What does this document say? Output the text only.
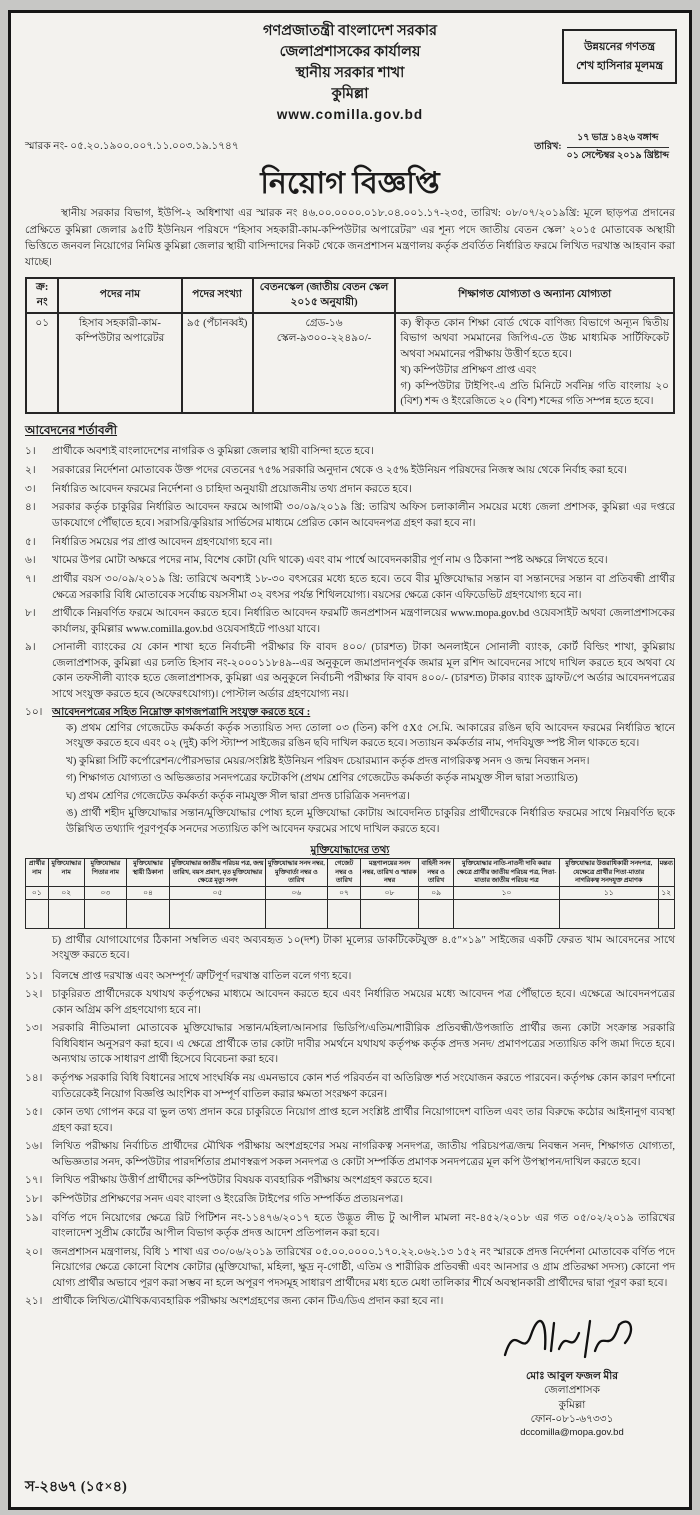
গণপ্রজাতন্ত্রী বাংলাদেশ সরকার
জেলাপ্রশাসকের কার্যালয়
স্থানীয় সরকার শাখা
কুমিল্লা
www.comilla.gov.bd
উন্নয়নের গণতন্ত্র
শেখ হাসিনার মূলমন্ত্র
স্মারক নং- ০৫.২০.১৯০০.০০৭.১১.০০৩.১৯.১৭৪৭	তারিখ: $\frac{\text{১৭ ভাদ্র ১৪২৬ বঙ্গাব্দ}}{\text{০১ সেপ্টেম্বর ২০১৯ খ্রিষ্টাব্দ}}$
নিয়োগ বিজ্ঞপ্তি

স্থানীয় সরকার বিভাগ, ইউপি-২ অধিশাখা এর স্মারক নং ৪৬.০০.০০০০.০১৮.০৪.০০১.১৭-২৩৫, তারিখ: ০৮/০৭/২০১৯খ্রি: মূলে ছাড়পত্র প্রদানের প্রেক্ষিতে কুমিল্লা জেলার ৯৫টি ইউনিয়ন পরিষদে “হিসাব সহকারী-কাম-কম্পিউটার অপারেটর” এর শূন্য পদে জাতীয় বেতন স্কেল’ ২০১৫ মোতাবেক অস্থায়ী ভিত্তিতে জনবল নিয়োগের নিমিত্ত কুমিল্লা জেলার স্থায়ী বাসিন্দাদের নিকট থেকে জনপ্রশাসন মন্ত্রণালয় কর্তৃক প্রবর্তিত নির্ধারিত ফরমে লিখিত দরখাস্ত আহবান করা যাচ্ছে।

ক্র: নং	পদের নাম	পদের সংখ্যা	বেতনস্কেল (জাতীয় বেতন স্কেল ২০১৫ অনুযায়ী)	শিক্ষাগত যোগ্যতা ও অন্যান্য যোগ্যতা
০১	হিসাব সহকারী-কাম-কম্পিউটার অপারেটর	৯৫ (পঁচানব্বই)	গ্রেড-১৬
স্কেল-৯৩০০-২২৪৯০/-

ক) স্বীকৃত কোন শিক্ষা বোর্ড থেকে বাণিজ্য বিভাগে অন্যূন দ্বিতীয় বিভাগ অথবা সমমানের জিপিএ-তে উচ্চ মাধ্যমিক সার্টিফিকেট অথবা সমমানের পরীক্ষায় উত্তীর্ণ হতে হবে।
খ) কম্পিউটার প্রশিক্ষণ প্রাপ্ত এবং
গ) কম্পিউটার টাইপিং-এ প্রতি মিনিটে সর্বনিম্ন গতি বাংলায় ২০ (বিশ) শব্দ ও ইংরেজিতে ২০ (বিশ) শব্দের গতি সম্পন্ন হতে হবে।
আবেদনের শর্তাবলী
১।	প্রার্থীকে অবশ্যই বাংলাদেশের নাগরিক ও কুমিল্লা জেলার স্থায়ী বাসিন্দা হতে হবে।
২।	সরকারের নির্দেশনা মোতাবেক উক্ত পদের বেতনের ৭৫% সরকারি অনুদান থেকে ও ২৫% ইউনিয়ন পরিষদের নিজস্ব আয় থেকে নির্বাহ করা হবে।
৩।	নির্ধারিত আবেদন ফরমের নির্দেশনা ও চাহিদা অনুযায়ী প্রয়োজনীয় তথ্য প্রদান করতে হবে।
৪।	সরকার কর্তৃক চাকুরির নির্ধারিত আবেদন ফরমে আগামী ৩০/০৯/২০১৯ খ্রি: তারিখ অফিস চলাকালীন সময়ের মধ্যে জেলা প্রশাসক, কুমিল্লা এর দপ্তরে ডাকযোগে পৌঁছাতে হবে। সরাসরি/কুরিয়ার সার্ভিসের মাধ্যমে প্রেরিত কোন আবেদনপত্র গ্রহণ করা হবে না।
৫।	নির্ধারিত সময়ের পর প্রাপ্ত আবেদন গ্রহণযোগ্য হবে না।
৬।	খামের উপর মোটা অক্ষরে পদের নাম, বিশেষ কোটা (যদি থাকে) এবং বাম পার্শ্বে আবেদনকারীর পূর্ণ নাম ও ঠিকানা স্পষ্ট অক্ষরে লিখতে হবে।
৭।	প্রার্থীর বয়স ৩০/০৯/২০১৯ খ্রি: তারিখে অবশ্যই ১৮-৩০ বৎসরের মধ্যে হতে হবে। তবে বীর মুক্তিযোদ্ধার সন্তান বা সন্তানদের সন্তান বা প্রতিবন্ধী প্রার্থীর ক্ষেত্রে সরকারি বিধি মোতাবেক সর্বোচ্চ বয়সসীমা ৩২ বৎসর পর্যন্ত শিথিলযোগ্য। বয়সের ক্ষেত্রে কোন এফিডেভিট গ্রহণযোগ্য হবে না।
৮।	প্রার্থীকে নিম্নবর্ণিত ফরমে আবেদন করতে হবে। নির্ধারিত আবেদন ফরমটি জনপ্রশাসন মন্ত্রণালয়ের www.mopa.gov.bd ওয়েবসাইট অথবা জেলাপ্রশাসকের কার্যালয়, কুমিল্লার www.comilla.gov.bd ওয়েবসাইটে পাওয়া যাবে।
৯।	সোনালী ব্যাংকের যে কোন শাখা হতে নির্বাচনী পরীক্ষার ফি বাবদ ৪০০/ (চারশত) টাকা অনলাইনে সোনালী ব্যাংক, কোর্ট বিল্ডিং শাখা, কুমিল্লায় জেলাপ্রশাসক, কুমিল্লা এর চলতি হিসাব নং-২০০০১১৮৪৯--এর অনুকূলে জমাপ্রদানপূর্বক জমার মূল রশিদ আবেদনের সাথে দাখিল করতে হবে অথবা যে কোন তফসীলী ব্যাংক হতে জেলাপ্রশাসক, কুমিল্লা এর অনুকূলে নির্বাচনী পরীক্ষার ফি বাবদ ৪০০/- (চারশত) টাকার ব্যাংক ড্রাফট/পে অর্ডার আবেদনপত্রের সাথে সংযুক্ত করতে হবে (অফেরৎযোগ্য)। পোস্টাল অর্ডার গ্রহণযোগ্য নয়।
১০। আবেদনপত্রের সহিত নিম্নোক্ত কাগজপত্রাদি সংযুক্ত করতে হবে :
ক) প্রথম শ্রেণির গেজেটেড কর্মকর্তা কর্তৃক সত্যায়িত সদ্য তোলা ০৩ (তিন) কপি ৫X৫ সে.মি. আকারের রঙিন ছবি আবেদন ফরমের নির্ধারিত স্থানে সংযুক্ত করতে হবে এবং ০২ (দুই) কপি স্ট্যাম্প সাইজের রঙিন ছবি দাখিল করতে হবে। সত্যায়ন কর্মকর্তার নাম, পদবিযুক্ত স্পষ্ট সীল থাকতে হবে।
খ) কুমিল্লা সিটি কর্পোরেশন/পৌরসভার মেয়র/সংশ্লিষ্ট ইউনিয়ন পরিষদ চেয়ারম্যান কর্তৃক প্রদত্ত নাগরিকত্ব সনদ ও জন্ম নিবন্ধন সনদ।
গ) শিক্ষাগত যোগ্যতা ও অভিজ্ঞতার সনদপত্রের ফটোকপি (প্রথম শ্রেণির গেজেটেড কর্মকর্তা কর্তৃক নামযুক্ত সীল দ্বারা সত্যায়িত)
ঘ) প্রথম শ্রেণির গেজেটেড কর্মকর্তা কর্তৃক নামযুক্ত সীল দ্বারা প্রদত্ত চারিত্রিক সনদপত্র।
ঙ) প্রার্থী শহীদ মুক্তিযোদ্ধার সন্তান/মুক্তিযোদ্ধার পোষ্য হলে মুক্তিযোদ্ধা কোটায় আবেদনিত চাকুরির প্রার্থীদেরকে নির্ধারিত ফরমের সাথে নিম্নবর্ণিত ছকে উল্লিখিত তথ্যাদি পূরণপূর্বক সনদের সত্যায়িত কপি আবেদন ফরমের সাথে দাখিল করতে হবে।
মুক্তিযোদ্ধাদের তথ্য
প্রার্থীর নাম	মুক্তিযোদ্ধার নাম	মুক্তিযোদ্ধার পিতার নাম	মুক্তিযোদ্ধার স্থায়ী ঠিকানা	মুক্তিযোদ্ধার জাতীয় পরিচয় পত্র, জন্ম তারিখ, বয়স প্রমাণ, মৃত মুক্তিযোদ্ধার ক্ষেত্রে মৃত্যু সনদ	মুক্তিযোদ্ধার সনদ নম্বর, মুক্তিবার্তা নম্বর ও তারিখ	গেজেট নম্বর ও তারিখ	মন্ত্রণালয়ের সনদ নম্বর, তারিখ ও স্মারক নম্বর	বাহিনী সনদ নম্বর ও তারিখ	মুক্তিযোদ্ধার নাতি-নাতনী দাবি করার ক্ষেত্রে প্রার্থীর জাতীয় পরিচয় পত্র, পিতা-মাতার জাতীয় পরিচয় পত্র	মুক্তিযোদ্ধার উত্তরাধিকারী সনদপত্র, যেক্ষেত্রে প্রার্থীর পিতা-মাতার নাগরিকত্ব সনদযুক্ত প্রমাণক	মন্তব্য
০১	০২	০৩	০৪	০৫	০৬	০৭	০৮	০৯	১০	১১	১২

চ) প্রার্থীর যোগাযোগের ঠিকানা সম্বলিত এবং অব্যবহৃত ১০(দশ) টাকা মূল্যের ডাকটিকেটযুক্ত ৪.৫″×১৯″ সাইজের একটি ফেরত খাম আবেদনের সাথে সংযুক্ত করতে হবে।
১১। বিলম্বে প্রাপ্ত দরখাস্ত এবং অসম্পূর্ণ/ ত্রুটিপূর্ণ দরখাস্ত বাতিল বলে গণ্য হবে।
১২। চাকুরিরত প্রার্থীদেরকে যথাযথ কর্তৃপক্ষের মাধ্যমে আবেদন করতে হবে এবং নির্ধারিত সময়ের মধ্যে আবেদন পত্র পৌঁছাতে হবে। এক্ষেত্রে আবেদনপত্রের কোন অগ্রিম কপি গ্রহণযোগ্য হবে না।
১৩। সরকারি নীতিমালা মোতাবেক মুক্তিযোদ্ধার সন্তান/মহিলা/আনসার ভিডিপি/এতিম/শারীরিক প্রতিবন্ধী/উপজাতি প্রার্থীর জন্য কোটা সংক্রান্ত সরকারি বিধিবিধান অনুসরণ করা হবে। এ ক্ষেত্রে প্রার্থীকে তার কোটা দাবীর সমর্থনে যথাযথ কর্তৃপক্ষ কর্তৃক প্রদত্ত সনদ/ প্রমাণপত্রের সত্যায়িত কপি জমা দিতে হবে। অন্যথায় তাকে সাধারণ প্রার্থী হিসেবে বিবেচনা করা হবে।
১৪। কর্তৃপক্ষ সরকারি বিধি বিধানের সাথে সাংঘর্ষিক নয় এমনভাবে কোন শর্ত পরিবর্তন বা অতিরিক্ত শর্ত সংযোজন করতে পারবেন। কর্তৃপক্ষ কোন কারণ দর্শানো ব্যতিরেকেই নিয়োগ বিজ্ঞপ্তি আংশিক বা সম্পূর্ণ বাতিল করার ক্ষমতা সংরক্ষণ করেন।
১৫। কোন তথ্য গোপন করে বা ভুল তথ্য প্রদান করে চাকুরিতে নিয়োগ প্রাপ্ত হলে সংশ্লিষ্ট প্রার্থীর নিয়োগাদেশ বাতিল এবং তার বিরুদ্ধে কঠোর আইনানুগ ব্যবস্থা গ্রহণ করা হবে।
১৬। লিখিত পরীক্ষায় নির্বাচিত প্রার্থীদের মৌখিক পরীক্ষায় অংশগ্রহণের সময় নাগরিকত্ব সনদপত্র, জাতীয় পরিচয়পত্র/জন্ম নিবন্ধন সনদ, শিক্ষাগত যোগ্যতা, অভিজ্ঞতার সনদ, কম্পিউটার পারদর্শিতার প্রমাণস্বরূপ সকল সনদপত্র ও কোটা সম্পর্কিত প্রমাণক সনদপত্রের মূল কপি উপস্থাপন/দাখিল করতে হবে।
১৭। লিখিত পরীক্ষায় উত্তীর্ণ প্রার্থীদের কম্পিউটার বিষয়ক ব্যবহারিক পরীক্ষায় অংশগ্রহণ করতে হবে।
১৮। কম্পিউটার প্রশিক্ষণের সনদ এবং বাংলা ও ইংরেজি টাইপের গতি সম্পর্কিত প্রত্যয়নপত্র।
১৯। বর্ণিত পদে নিয়োগের ক্ষেত্রে রিট পিটিশন নং-১১৪৭৬/২০১৭ হতে উদ্ভূত লীভ টু আপীল মামলা নং-৪৫২/২০১৮ এর গত ০৫/০২/২০১৯ তারিখের বাংলাদেশ সুপ্রীম কোর্টের আপীল বিভাগ কর্তৃক প্রদত্ত আদেশ প্রতিপালন করা হবে।
২০। জনপ্রশাসন মন্ত্রণালয়, বিধি ১ শাখা এর ৩০/০৬/২০১৯ তারিখের ০৫.০০.০০০০.১৭০.২২.০৬২.১৩ ১৫২ নং স্মারকে প্রদত্ত নির্দেশনা মোতাবেক বর্ণিত পদে নিয়োগের ক্ষেত্রে কোনো বিশেষ কোটার (মুক্তিযোদ্ধা, মহিলা, ক্ষুদ্র নৃ-গোষ্ঠী, এতিম ও শারীরিক প্রতিবন্ধী এবং আনসার ও গ্রাম প্রতিরক্ষা সদস্য) কোনো পদ যোগ্য প্রার্থীর অভাবে পূরণ করা সম্ভব না হলে অপূরণ পদসমূহ সাধারণ প্রার্থীদের মধ্য হতে মেধা তালিকার শীর্ষে অবস্থানকারী প্রার্থীদের দ্বারা পূরণ করা হবে।
২১। প্রার্থীকে লিখিত/মৌখিক/ব্যবহারিক পরীক্ষায় অংশগ্রহণের জন্য কোন টিএ/ডিএ প্রদান করা হবে না।
মোঃ আবুল ফজল মীর
জেলাপ্রশাসক
কুমিল্লা
ফোন-০৮১-৬৭৩৩১
dccomilla@mopa.gov.bd
স-২৪৬৭ (১৫×৪)
